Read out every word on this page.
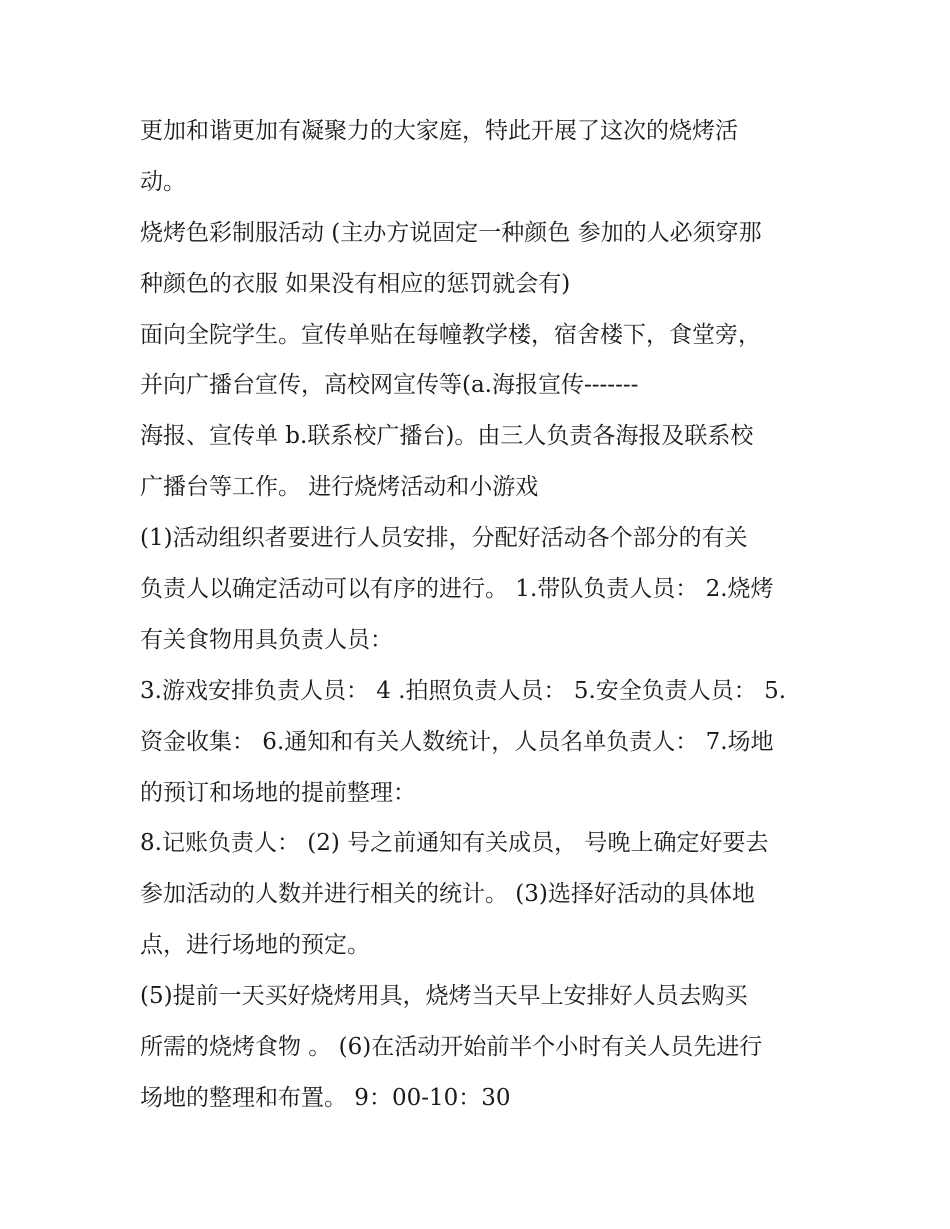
更加和谐更加有凝聚力的大家庭，特此开展了这次的烧烤活
动。
烧烤色彩制服活动 (主办方说固定一种颜色 参加的人必须穿那
种颜色的衣服 如果没有相应的惩罚就会有)
面向全院学生。宣传单贴在每幢教学楼，宿舍楼下，食堂旁，
并向广播台宣传，高校网宣传等(a.海报宣传-------
海报、宣传单 b.联系校广播台)。由三人负责各海报及联系校
广播台等工作。 进行烧烤活动和小游戏
(1)活动组织者要进行人员安排，分配好活动各个部分的有关
负责人以确定活动可以有序的进行。 1.带队负责人员： 2.烧烤
有关食物用具负责人员：
3.游戏安排负责人员： 4 .拍照负责人员： 5.安全负责人员： 5.
资金收集： 6.通知和有关人数统计，人员名单负责人： 7.场地
的预订和场地的提前整理：
8.记账负责人： (2) 号之前通知有关成员， 号晚上确定好要去
参加活动的人数并进行相关的统计。 (3)选择好活动的具体地
点，进行场地的预定。
(5)提前一天买好烧烤用具，烧烤当天早上安排好人员去购买
所需的烧烤食物 。 (6)在活动开始前半个小时有关人员先进行
场地的整理和布置。 9：00-10：30
